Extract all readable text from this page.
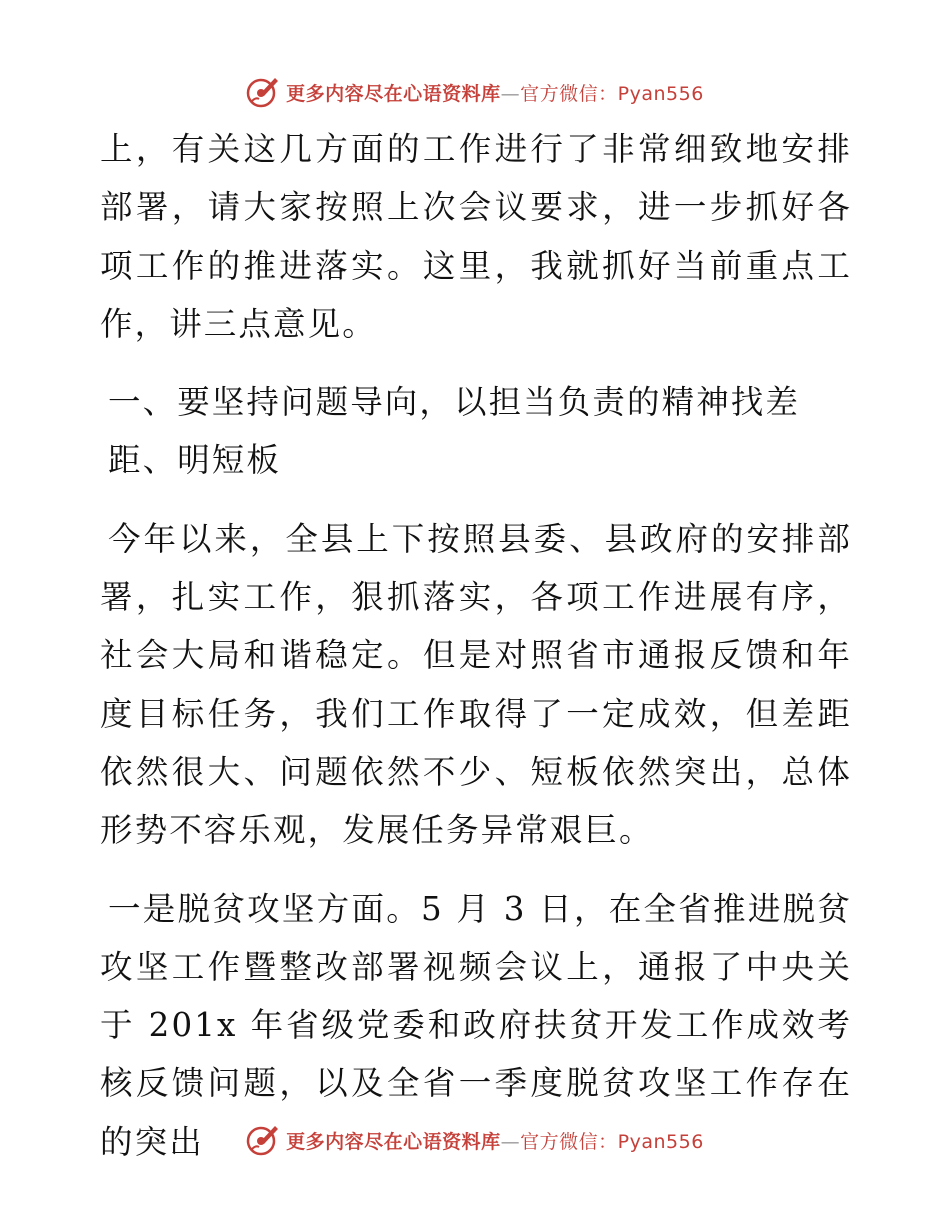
更多内容尽在心语资料库—官方微信：Pyan556

上，有关这几方面的工作进行了非常细致地安排部署，请大家按照上次会议要求，进一步抓好各项工作的推进落实。这里，我就抓好当前重点工作，讲三点意见。

一、要坚持问题导向，以担当负责的精神找差距、明短板

今年以来，全县上下按照县委、县政府的安排部署，扎实工作，狠抓落实，各项工作进展有序，社会大局和谐稳定。但是对照省市通报反馈和年度目标任务，我们工作取得了一定成效，但差距依然很大、问题依然不少、短板依然突出，总体形势不容乐观，发展任务异常艰巨。

一是脱贫攻坚方面。5 月 3 日，在全省推进脱贫攻坚工作暨整改部署视频会议上，通报了中央关于 201x 年省级党委和政府扶贫开发工作成效考核反馈问题，以及全省一季度脱贫攻坚工作存在的突出	更多内容尽在心语资料库—官方微信：Pyan556
